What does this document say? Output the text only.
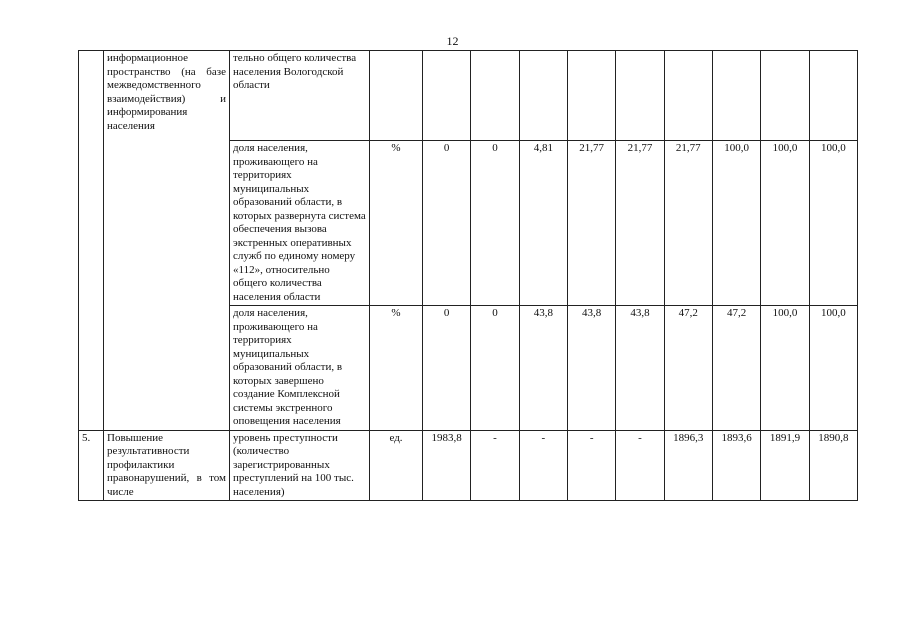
12
	информационное пространство (на базе межведомственного взаимодействия) и информирования населения	тельно общего количества населения Вологодской области										
		доля населения, проживающего на территориях муниципальных образований области, в которых развернута система обеспечения вызова экстренных оперативных служб по единому номеру «112», относительно общего количества населения области	%	0	0	4,81	21,77	21,77	21,77	100,0	100,0	100,0
		доля населения, проживающего на территориях муниципальных образований области, в которых завершено создание Комплексной системы экстренного оповещения населения	%	0	0	43,8	43,8	43,8	47,2	47,2	100,0	100,0
5.	Повышение результативности профилактики правонарушений, в том числе	уровень преступности (количество зарегистрированных преступлений на 100 тыс. населения)	ед.	1983,8	-	-	-	-	1896,3	1893,6	1891,9	1890,8
